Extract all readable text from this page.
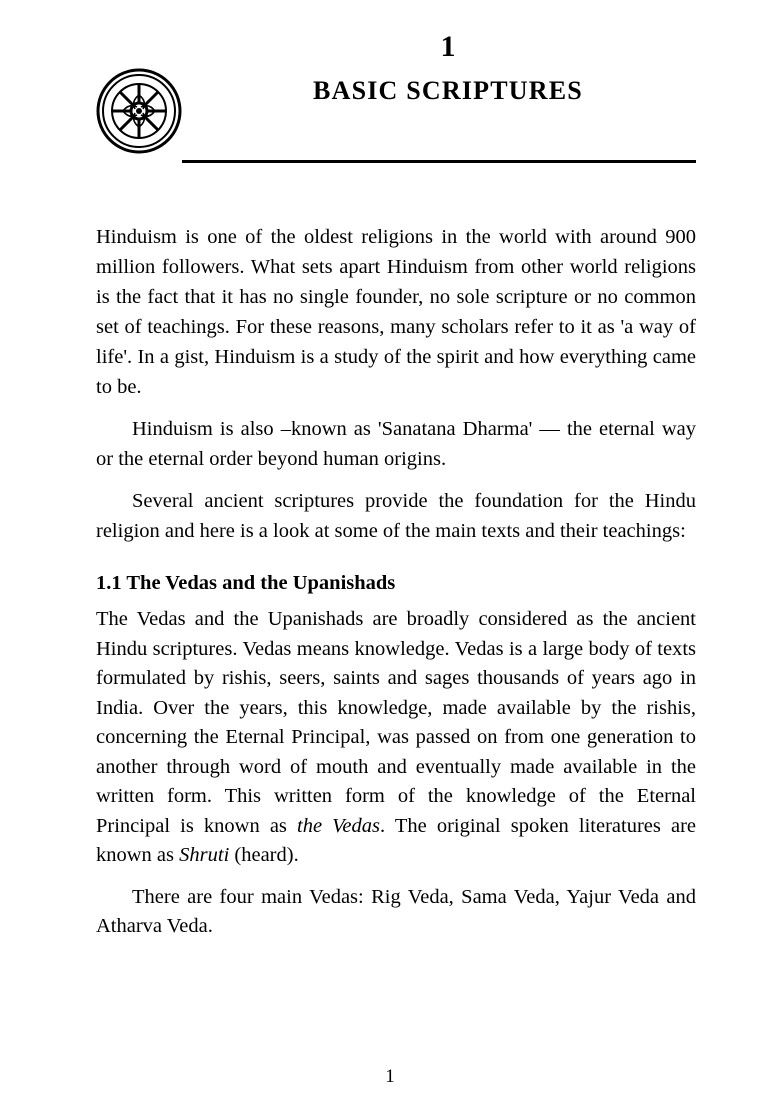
1
BASIC SCRIPTURES

Hinduism is one of the oldest religions in the world with around 900 million followers. What sets apart Hinduism from other world religions is the fact that it has no single founder, no sole scripture or no common set of teachings. For these reasons, many scholars refer to it as 'a way of life'. In a gist, Hinduism is a study of the spirit and how everything came to be.

Hinduism is also –known as 'Sanatana Dharma' — the eternal way or the eternal order beyond human origins.

Several ancient scriptures provide the foundation for the Hindu religion and here is a look at some of the main texts and their teachings:

1.1 The Vedas and the Upanishads

The Vedas and the Upanishads are broadly considered as the ancient Hindu scriptures. Vedas means knowledge. Vedas is a large body of texts formulated by rishis, seers, saints and sages thousands of years ago in India. Over the years, this knowledge, made available by the rishis, concerning the Eternal Principal, was passed on from one generation to another through word of mouth and eventually made available in the written form. This written form of the knowledge of the Eternal Principal is known as the Vedas. The original spoken literatures are known as Shruti (heard).

There are four main Vedas: Rig Veda, Sama Veda, Yajur Veda and Atharva Veda.

1
